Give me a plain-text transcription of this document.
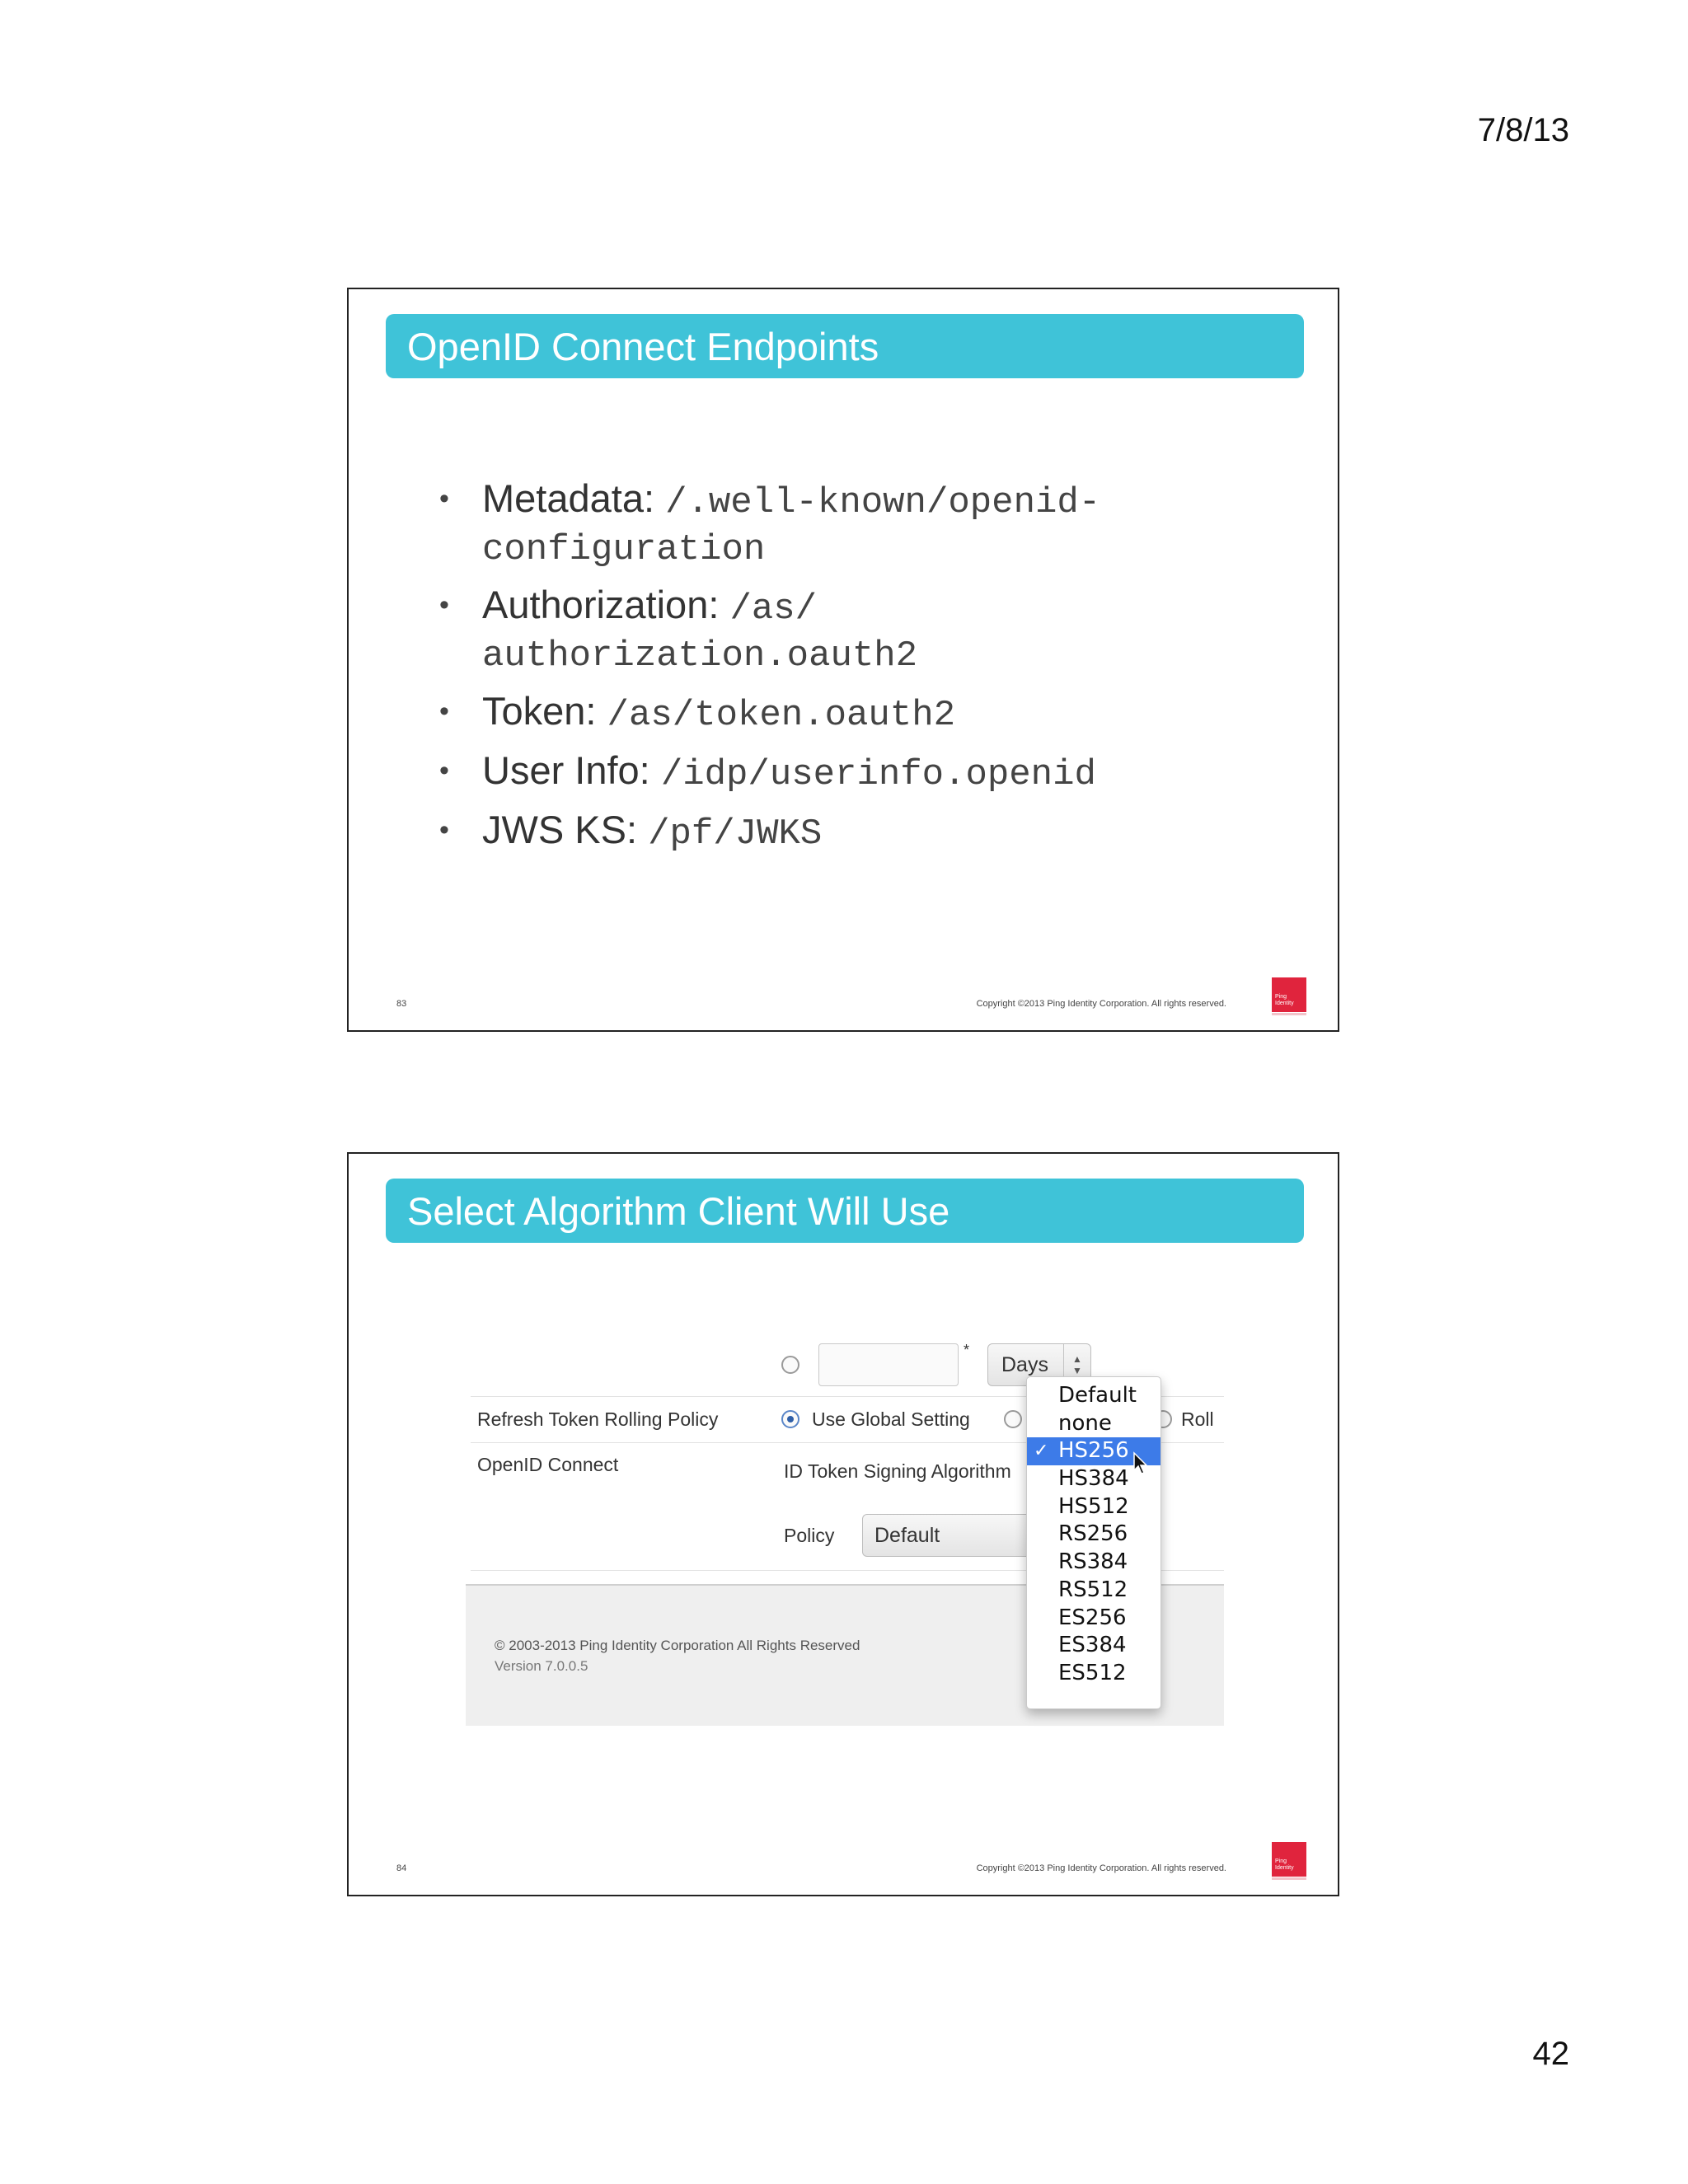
7/8/13
OpenID Connect Endpoints
• Metadata: /.well-known/openid-
configuration
• Authorization: /as/
authorization.oauth2
• Token: /as/token.oauth2
• User Info: /idp/userinfo.openid
• JWS KS: /pf/JWKS
83	Copyright ©2013 Ping Identity Corporation. All rights reserved.
Ping
Identity
Select Algorithm Client Will Use
*
Days	▲
▼
Refresh Token Rolling Policy	Use Global Setting	Roll
OpenID Connect	ID Token Signing Algorithm
Policy	Default
© 2003-2013 Ping Identity Corporation All Rights Reserved
Default
none
✓ HS256
HS384
HS512
RS256
RS384
RS512
ES256
ES384
ES512
84	Copyright ©2013 Ping Identity Corporation. All rights reserved.
Ping
Identity
42
